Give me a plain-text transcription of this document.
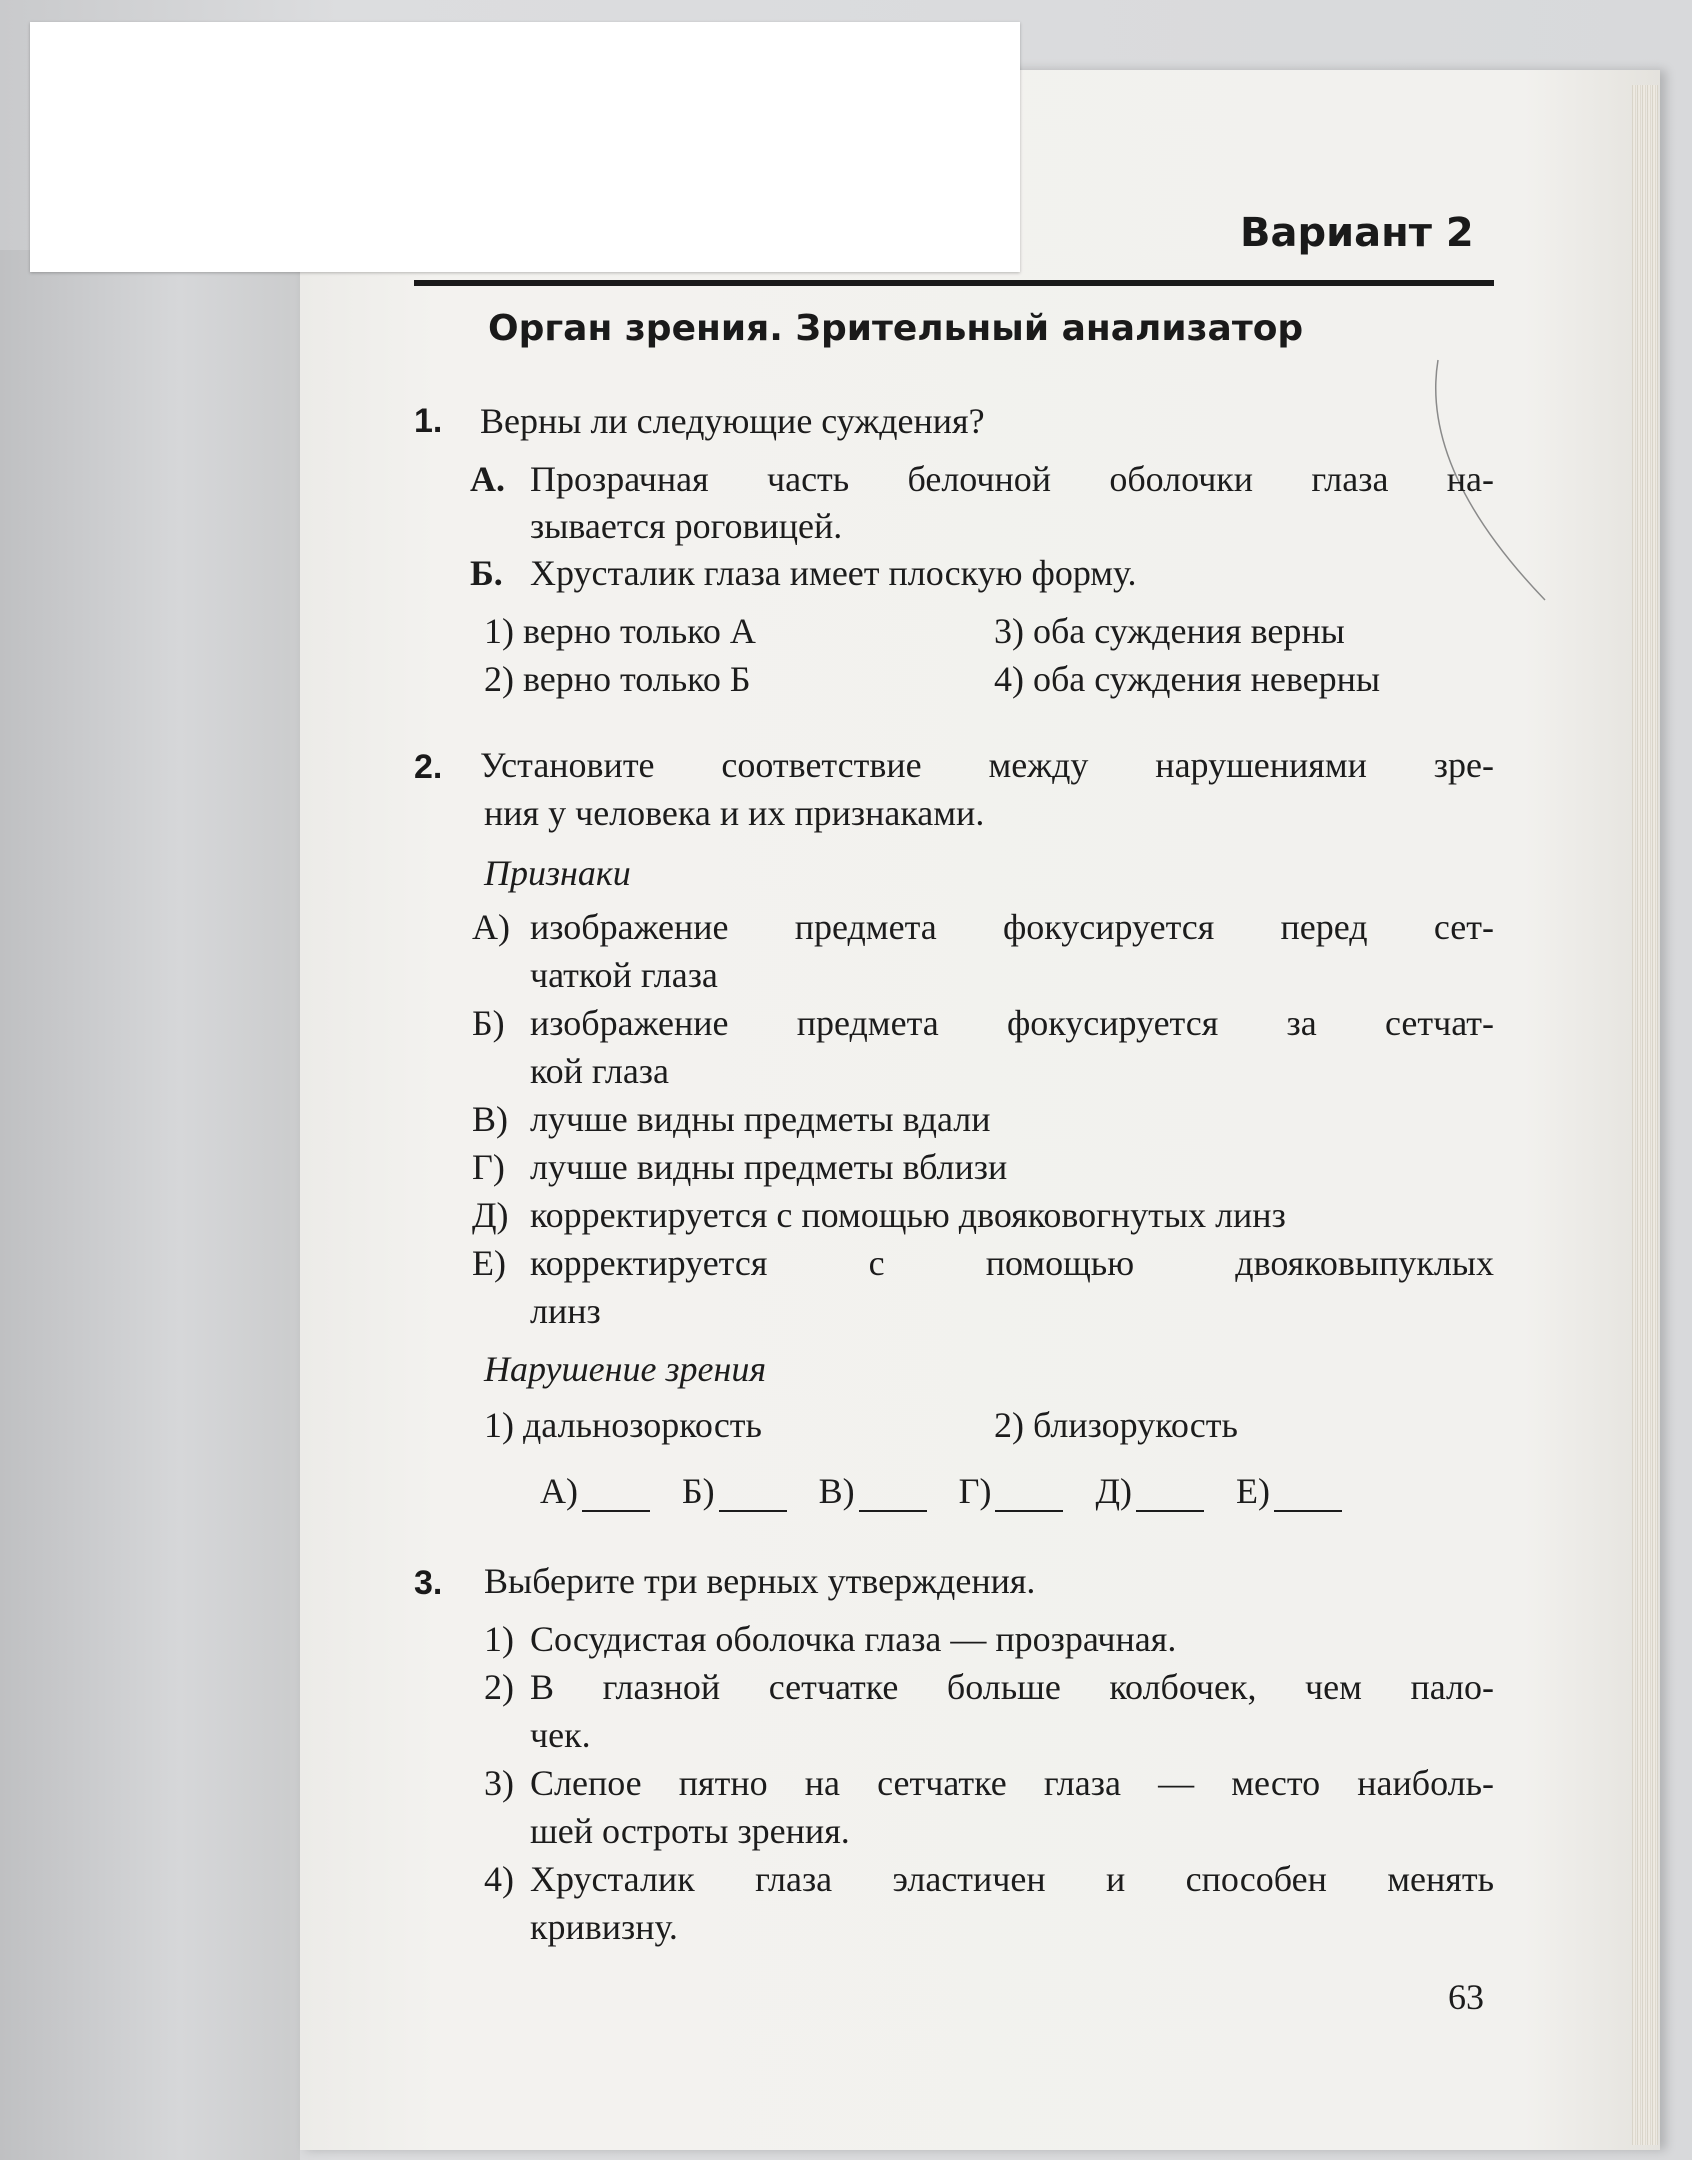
Вариант 2
Орган зрения. Зрительный анализатор
1. Верны ли следующие суждения?
А. Прозрачная часть белочной оболочки глаза на-
зывается роговицей.
Б. Хрусталик глаза имеет плоскую форму.
1) верно только А	3) оба суждения верны
2) верно только Б	4) оба суждения неверны
2. Установите соответствие между нарушениями зре-
ния у человека и их признаками.
Признаки
А) изображение предмета фокусируется перед сет-
чаткой глаза
Б) изображение предмета фокусируется за сетчат-
кой глаза
В) лучше видны предметы вдали
Г) лучше видны предметы вблизи
Д) корректируется с помощью двояковогнутых линз
Е) корректируется с помощью двояковыпуклых
линз
Нарушение зрения
1) дальнозоркость	2) близорукость
А)	Б)	В)	Г)	Д)	Е)
3. Выберите три верных утверждения.
1) Сосудистая оболочка глаза — прозрачная.
2) В глазной сетчатке больше колбочек, чем пало-
чек.
3) Слепое пятно на сетчатке глаза — место наиболь-
шей остроты зрения.
4) Хрусталик глаза эластичен и способен менять
кривизну.
63
